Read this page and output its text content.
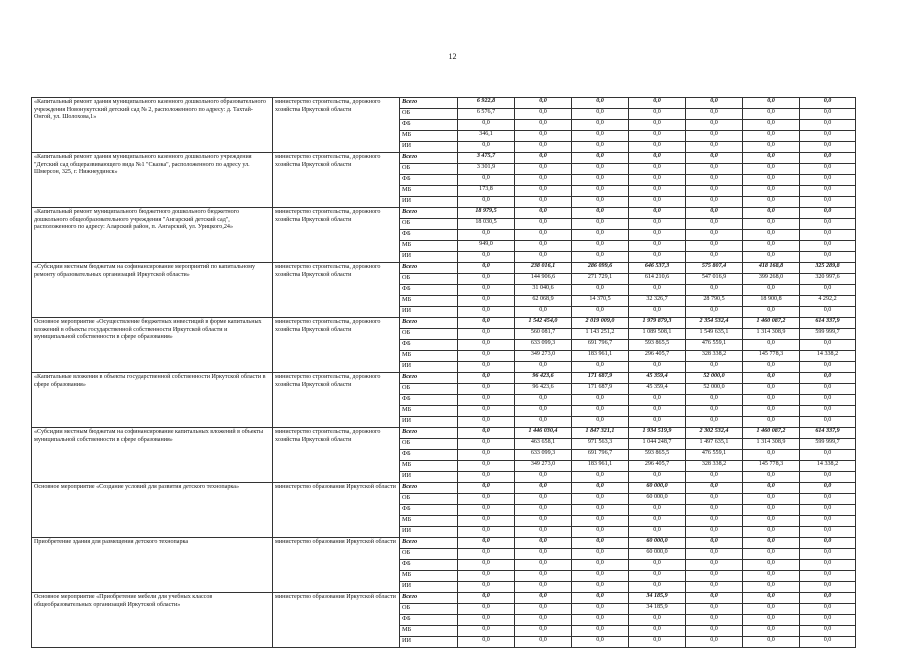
12
«Капитальный ремонт здания муниципального казенного дошкольного образовательного учреждения Новонукутский детский сад № 2, расположенного по адресу: д. Тахтай-Онгой, ул. Шолохова,1»	министерство строительства, дорожного хозяйства Иркутской области	Всего	6 922,8	0,0	0,0	0,0	0,0	0,0	0,0
		ОБ	6 576,7	0,0	0,0	0,0	0,0	0,0	0,0
		ФБ	0,0	0,0	0,0	0,0	0,0	0,0	0,0
		МБ	346,1	0,0	0,0	0,0	0,0	0,0	0,0
		ИИ	0,0	0,0	0,0	0,0	0,0	0,0	0,0
«Капитальный ремонт здания муниципального казенного дошкольного учреждения "Детский сад общеразвивающего вида №1 "Сказка", расположенного по адресу ул. Шмерсон, 325, г. Нижнеудинск»	министерство строительства, дорожного хозяйства Иркутской области	Всего	3 475,7	0,0	0,0	0,0	0,0	0,0	0,0
		ОБ	3 301,9	0,0	0,0	0,0	0,0	0,0	0,0
		ФБ	0,0	0,0	0,0	0,0	0,0	0,0	0,0
		МБ	173,8	0,0	0,0	0,0	0,0	0,0	0,0
		ИИ	0,0	0,0	0,0	0,0	0,0	0,0	0,0
«Капитальный ремонт муниципального бюджетного дошкольного бюджетного дошкольного общеобразовательного учреждения "Ангарский детский сад", расположенного по адресу: Аларский район, п. Ангарский, ул. Урицкого,24»	министерство строительства, дорожного хозяйства Иркутской области	Всего	18 979,5	0,0	0,0	0,0	0,0	0,0	0,0
		ОБ	18 030,5	0,0	0,0	0,0	0,0	0,0	0,0
		ФБ	0,0	0,0	0,0	0,0	0,0	0,0	0,0
		МБ	949,0	0,0	0,0	0,0	0,0	0,0	0,0
		ИИ	0,0	0,0	0,0	0,0	0,0	0,0	0,0
«Субсидии местным бюджетам на софинансирование мероприятий по капитальному ремонту образовательных организаций Иркутской области»	министерство строительства, дорожного хозяйства Иркутской области	Всего	0,0	238 016,1	286 099,6	646 537,3	575 807,4	418 168,8	325 289,8
		ОБ	0,0	144 906,6	271 729,1	614 210,6	547 016,9	399 268,0	320 997,6
		ФБ	0,0	31 040,6	0,0	0,0	0,0	0,0	0,0
		МБ	0,0	62 068,9	14 370,5	32 326,7	28 790,5	18 900,8	4 292,2
		ИИ	0,0	0,0	0,0	0,0	0,0	0,0	0,0
Основное мероприятие «Осуществление бюджетных инвестиций в форме капитальных вложений в объекты государственной собственности Иркутской области и муниципальной собственности в сфере образования»	министерство строительства, дорожного хозяйства Иркутской области	Всего	0,0	1 542 454,0	2 019 009,0	1 979 879,3	2 354 532,4	1 460 087,2	614 337,9
		ОБ	0,0	560 081,7	1 143 251,2	1 089 508,1	1 549 635,1	1 314 308,9	599 999,7
		ФБ	0,0	633 099,3	691 796,7	593 865,5	476 559,1	0,0	0,0
		МБ	0,0	349 273,0	183 961,1	296 405,7	328 338,2	145 778,3	14 338,2
		ИИ	0,0	0,0	0,0	0,0	0,0	0,0	0,0
«Капитальные вложения в объекты государственной собственности Иркутской области в сфере образования»	министерство строительства, дорожного хозяйства Иркутской области	Всего	0,0	96 423,6	171 687,9	45 359,4	52 000,0	0,0	0,0
		ОБ	0,0	96 423,6	171 687,9	45 359,4	52 000,0	0,0	0,0
		ФБ	0,0	0,0	0,0	0,0	0,0	0,0	0,0
		МБ	0,0	0,0	0,0	0,0	0,0	0,0	0,0
		ИИ	0,0	0,0	0,0	0,0	0,0	0,0	0,0
«Субсидии местным бюджетам на софинансирование капитальных вложений в объекты муниципальной собственности в сфере образования»	министерство строительства, дорожного хозяйства Иркутской области	Всего	0,0	1 446 030,4	1 847 321,1	1 934 519,9	2 302 532,4	1 460 087,2	614 337,9
		ОБ	0,0	463 658,1	971 563,3	1 044 248,7	1 497 635,1	1 314 308,9	599 999,7
		ФБ	0,0	633 099,3	691 796,7	593 865,5	476 559,1	0,0	0,0
		МБ	0,0	349 273,0	183 961,1	296 405,7	328 338,2	145 778,3	14 338,2
		ИИ	0,0	0,0	0,0	0,0	0,0	0,0	0,0
Основное мероприятие «Создание условий для развития детского технопарка»	министерство образования Иркутской области	Всего	0,0	0,0	0,0	60 000,0	0,0	0,0	0,0
		ОБ	0,0	0,0	0,0	60 000,0	0,0	0,0	0,0
		ФБ	0,0	0,0	0,0	0,0	0,0	0,0	0,0
		МБ	0,0	0,0	0,0	0,0	0,0	0,0	0,0
		ИИ	0,0	0,0	0,0	0,0	0,0	0,0	0,0
Приобретение здания для размещения детского технопарка	министерство образования Иркутской области	Всего	0,0	0,0	0,0	60 000,0	0,0	0,0	0,0
		ОБ	0,0	0,0	0,0	60 000,0	0,0	0,0	0,0
		ФБ	0,0	0,0	0,0	0,0	0,0	0,0	0,0
		МБ	0,0	0,0	0,0	0,0	0,0	0,0	0,0
		ИИ	0,0	0,0	0,0	0,0	0,0	0,0	0,0
Основное мероприятие «Приобретение мебели для учебных классов общеобразовательных организаций Иркутской области»	министерство образования Иркутской области	Всего	0,0	0,0	0,0	34 185,9	0,0	0,0	0,0
		ОБ	0,0	0,0	0,0	34 185,9	0,0	0,0	0,0
		ФБ	0,0	0,0	0,0	0,0	0,0	0,0	0,0
		МБ	0,0	0,0	0,0	0,0	0,0	0,0	0,0
		ИИ	0,0	0,0	0,0	0,0	0,0	0,0	0,0
